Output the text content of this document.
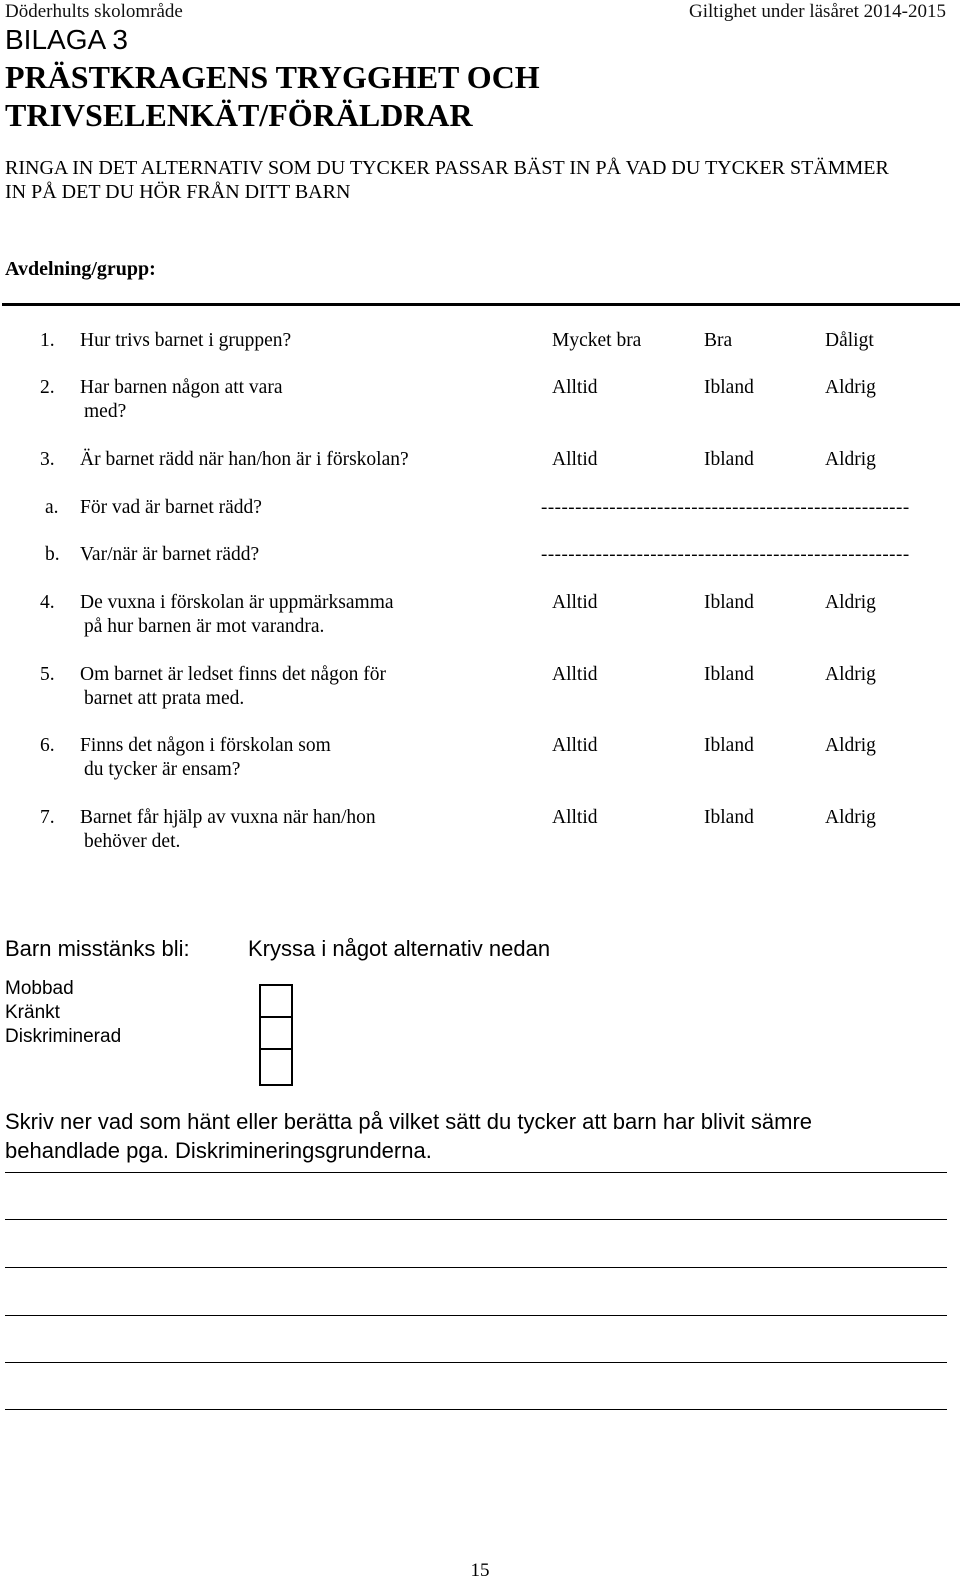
Döderhults skolområde	Giltighet under läsåret 2014-2015
BILAGA 3
PRÄSTKRAGENS TRYGGHET OCH
TRIVSELENKÄT/FÖRÄLDRAR
RINGA IN DET ALTERNATIV SOM DU TYCKER PASSAR BÄST IN PÅ VAD DU TYCKER STÄMMER
IN PÅ DET DU HÖR FRÅN DITT BARN
Avdelning/grupp:
1. Hur trivs barnet i gruppen?	Mycket bra	Bra	Dåligt
2. Har barnen någon att vara
med?
Alltid	Ibland	Aldrig
3. Är barnet rädd när han/hon är i förskolan?	Alltid	Ibland	Aldrig
a. För vad är barnet rädd?	------------------------------------------------------
b. Var/när är barnet rädd?	------------------------------------------------------
4. De vuxna i förskolan är uppmärksamma
på hur barnen är mot varandra.
Alltid	Ibland	Aldrig
5. Om barnet är ledset finns det någon för
barnet att prata med.
Alltid	Ibland	Aldrig
6. Finns det någon i förskolan som
du tycker är ensam?
Alltid	Ibland	Aldrig
7. Barnet får hjälp av vuxna när han/hon
behöver det.
Alltid	Ibland	Aldrig
Barn misstänks bli:	Kryssa i något alternativ nedan
Mobbad
Kränkt
Diskriminerad
Skriv ner vad som hänt eller berätta på vilket sätt du tycker att barn har blivit sämre
behandlade pga. Diskrimineringsgrunderna.
15
